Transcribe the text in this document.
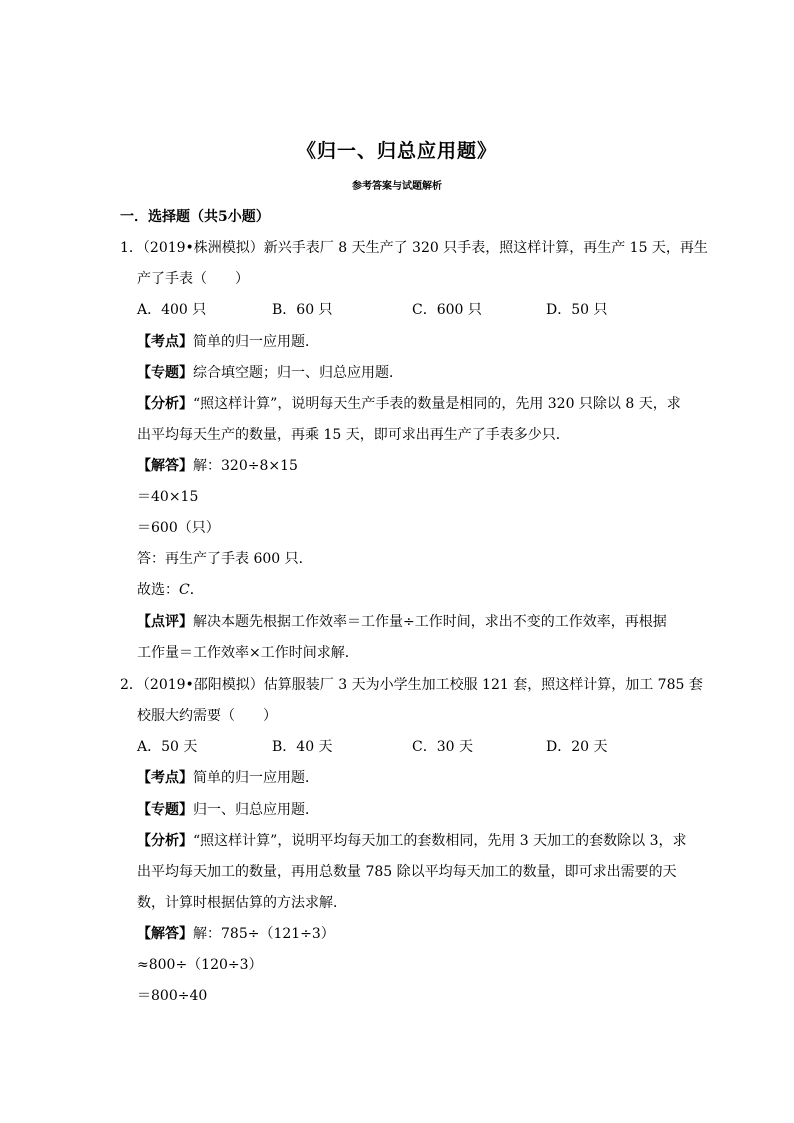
《归一、归总应用题》
参考答案与试题解析
一．选择题（共5小题）
1．（2019•株洲模拟）新兴手表厂 8 天生产了 320 只手表，照这样计算，再生产 15 天，再生
产了手表（　　）
A．400 只	B．60 只	C．600 只	D．50 只
【考点】简单的归一应用题．
【专题】综合填空题；归一、归总应用题．
【分析】“照这样计算”，说明每天生产手表的数量是相同的，先用 320 只除以 8 天，求
出平均每天生产的数量，再乘 15 天，即可求出再生产了手表多少只．
【解答】解：320÷8×15
＝40×15
＝600（只）
答：再生产了手表 600 只．
故选：C．
【点评】解决本题先根据工作效率＝工作量÷工作时间，求出不变的工作效率，再根据
工作量＝工作效率×工作时间求解．
2．（2019•邵阳模拟）估算服装厂 3 天为小学生加工校服 121 套，照这样计算，加工 785 套
校服大约需要（　　）
A．50 天	B．40 天	C．30 天	D．20 天
【考点】简单的归一应用题．
【专题】归一、归总应用题．
【分析】“照这样计算”，说明平均每天加工的套数相同，先用 3 天加工的套数除以 3，求
出平均每天加工的数量，再用总数量 785 除以平均每天加工的数量，即可求出需要的天
数，计算时根据估算的方法求解．
【解答】解：785÷（121÷3）
≈800÷（120÷3）
＝800÷40
